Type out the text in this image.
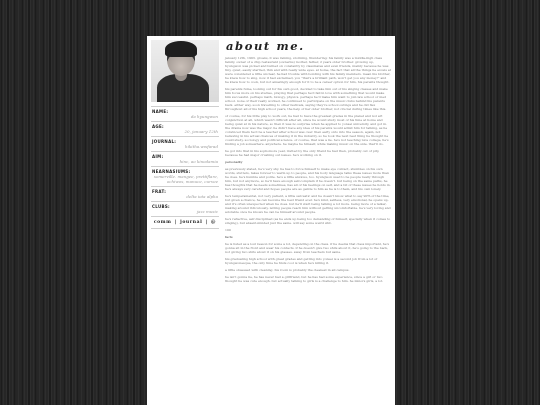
NAME:
da hyungwon
AGE:
20, january 12th
JOURNAL:
hikitha.wwfarad
AIM:
hinc, ao kinodamia
NEARNASIUMS:
somerville. mangee, prettiflare, ochiwos, manuce, curvee
FRAT:
delta iota alpha
CLUBS:
jazz music
comm | journal | @
about me.

january 12th, 1993. groans, it was raining, storming, thundering; his family was a middle-high class family, owner of a chip restaurant (ownerns) mother, father, 2 years older brother. growing up, hyungwon was picked and bullied on constantly by classmates and even friends, mainly because he was tiny, quiet, easily startled, thin and with really wide eyes. at home, the fact that all the things he excels at were considered a little unclear, he had trouble with bonding with his family members. mean his brother, he knew how to sing, now it had exclaimed, you "that's a brilliant path, won't get you any money!" and he knew how to cook, but not amazingly enough for it to be a career option for him, his parents thought.

his parents fume, looking out for his own good, decided to take him out of his singing classes and make him focus more on his studies, praying that perhaps he'd fall in love with something that would make him successful. perhaps math, biology, physics. perhaps he'd make him want to join law school or med school. none of their really worked, he continued to participate on the music clubs behind his parents back. either way, soon travelling to other festivals, saying they're school outings and he did flex throughout all of his high school years, the help of her older brother, not crucial during times like this.

of course, for his little play to work out, he had to have the greatest grades in the planet and not art conjunction at all, which wasn't difficult after all, since he would study most of his time at home and being quiet at in his nature, so then it was no surprise when he applied to yonsei university, and got in. the drama now was the major. he didn't have any idea of his parents would admit him for talking, as he convinced them he'd be a teacher after school was over. then early onto into the season, again, not believing in his actual chances of making it in the industry, so he took the next best thing he thought he could study, sociology and political science. of course, that was a lie. he's not teaching nice college, he's finding a job somewhere. anywhere. he maybe he himself, while making music on the side. that'll do.

he got into that in his sophomore year, invited by the only friend he had then, probably out of pity, because he had major crushing out issues. he's working on it.

personality

as previously stated, he's very shy. he has to force himself to make eye contact, stumbles on his own words, stutters, takes forever to warm up to people, and his body language talks these issues more than he does. he's humble and polite. he's a little anxious, too. hyungwon used to be people really through him, but not anymore, so he'll have enough self-complain if he doesn't. but being on the same paths, he has thoughts that he needs sometimes, has all of his feelings on self, and a bit of these issues he holds in. he's always very careful and hopes people are as gentle to him as he is to them, and his own lonely.

he's temperamental, not very patient, a little sarcastic and he doesn't know what to say 90% of the time, but given a chance, he can become the best friend ever. he's kind, selfless, very emotional, he opens up, and it's often unexpected when he does. but he'll start being talking a lot more. being more of a talker, making around ridiculously, letting people reach him without getting uncomfortable. he's very loving and adorable once he knows he can be himself around people.

he's reflective, self disciplined (as he ends up being too demanding of himself, specially when it comes to singing), but absent-minded just the same. will say some weird shit.

100

facts

he is listed as a lost reason for some a lot, depending on the class. if he deems that class important, he's gonna sit in the front and wear his contacts. if he doesn't give two shits about it, he's going to the back, not giving two shits about it on his glasses. away from teachers but same.

his graduating high school with great grades and getting into yonsei is a second job from a lot of hyungwonesque, the only time he finds cool is when he's killing it.

a little obsessed with cleaning. his room is probably the cleanest in all campus.

he isn't gonna lie, he has never had a girlfriend, but he has had some experience, since a girl or two thought he was cute enough. but actually talking to girls is a challenge to him. he minors girls, a lot.
